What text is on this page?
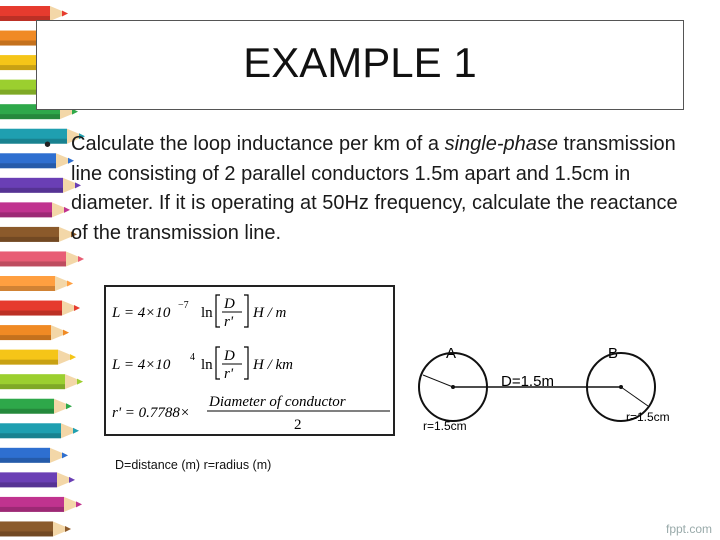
EXAMPLE 1
• Calculate the loop inductance per km of a single-phase transmission line consisting of 2 parallel conductors 1.5m apart and 1.5cm in diameter. If it is operating at 50Hz frequency, calculate the reactance of the transmission line.
L = 4×10 −7 ln
D
r'
H / m
L = 4×10 4 ln
D
r'
H / km
r' = 0.7788×
Diameter of conductor
2
D=distance (m) r=radius (m)
A	B
D=1.5m
r=1.5cm
r=1.5cm
fppt.com
